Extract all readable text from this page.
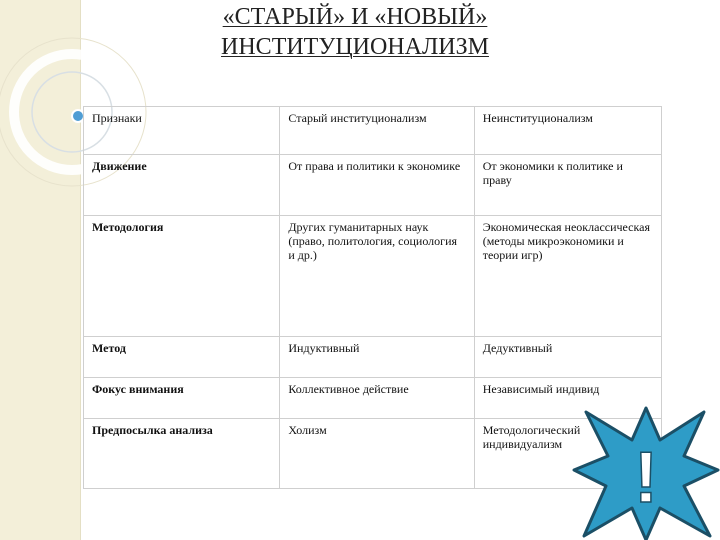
«СТАРЫЙ» И «НОВЫЙ»
ИНСТИТУЦИОНАЛИЗМ
Признаки	Старый институционализм	Неинституционализм
Движение	От права и политики к экономике	От экономики к политике и праву
Методология	Других гуманитарных наук (право, политология, социология и др.)	Экономическая неоклассическая (методы микроэкономики и теории игр)
Метод	Индуктивный	Дедуктивный
Фокус внимания	Коллективное действие	Независимый индивид
Предпосылка анализа	Холизм	Методологический индивидуализм !
